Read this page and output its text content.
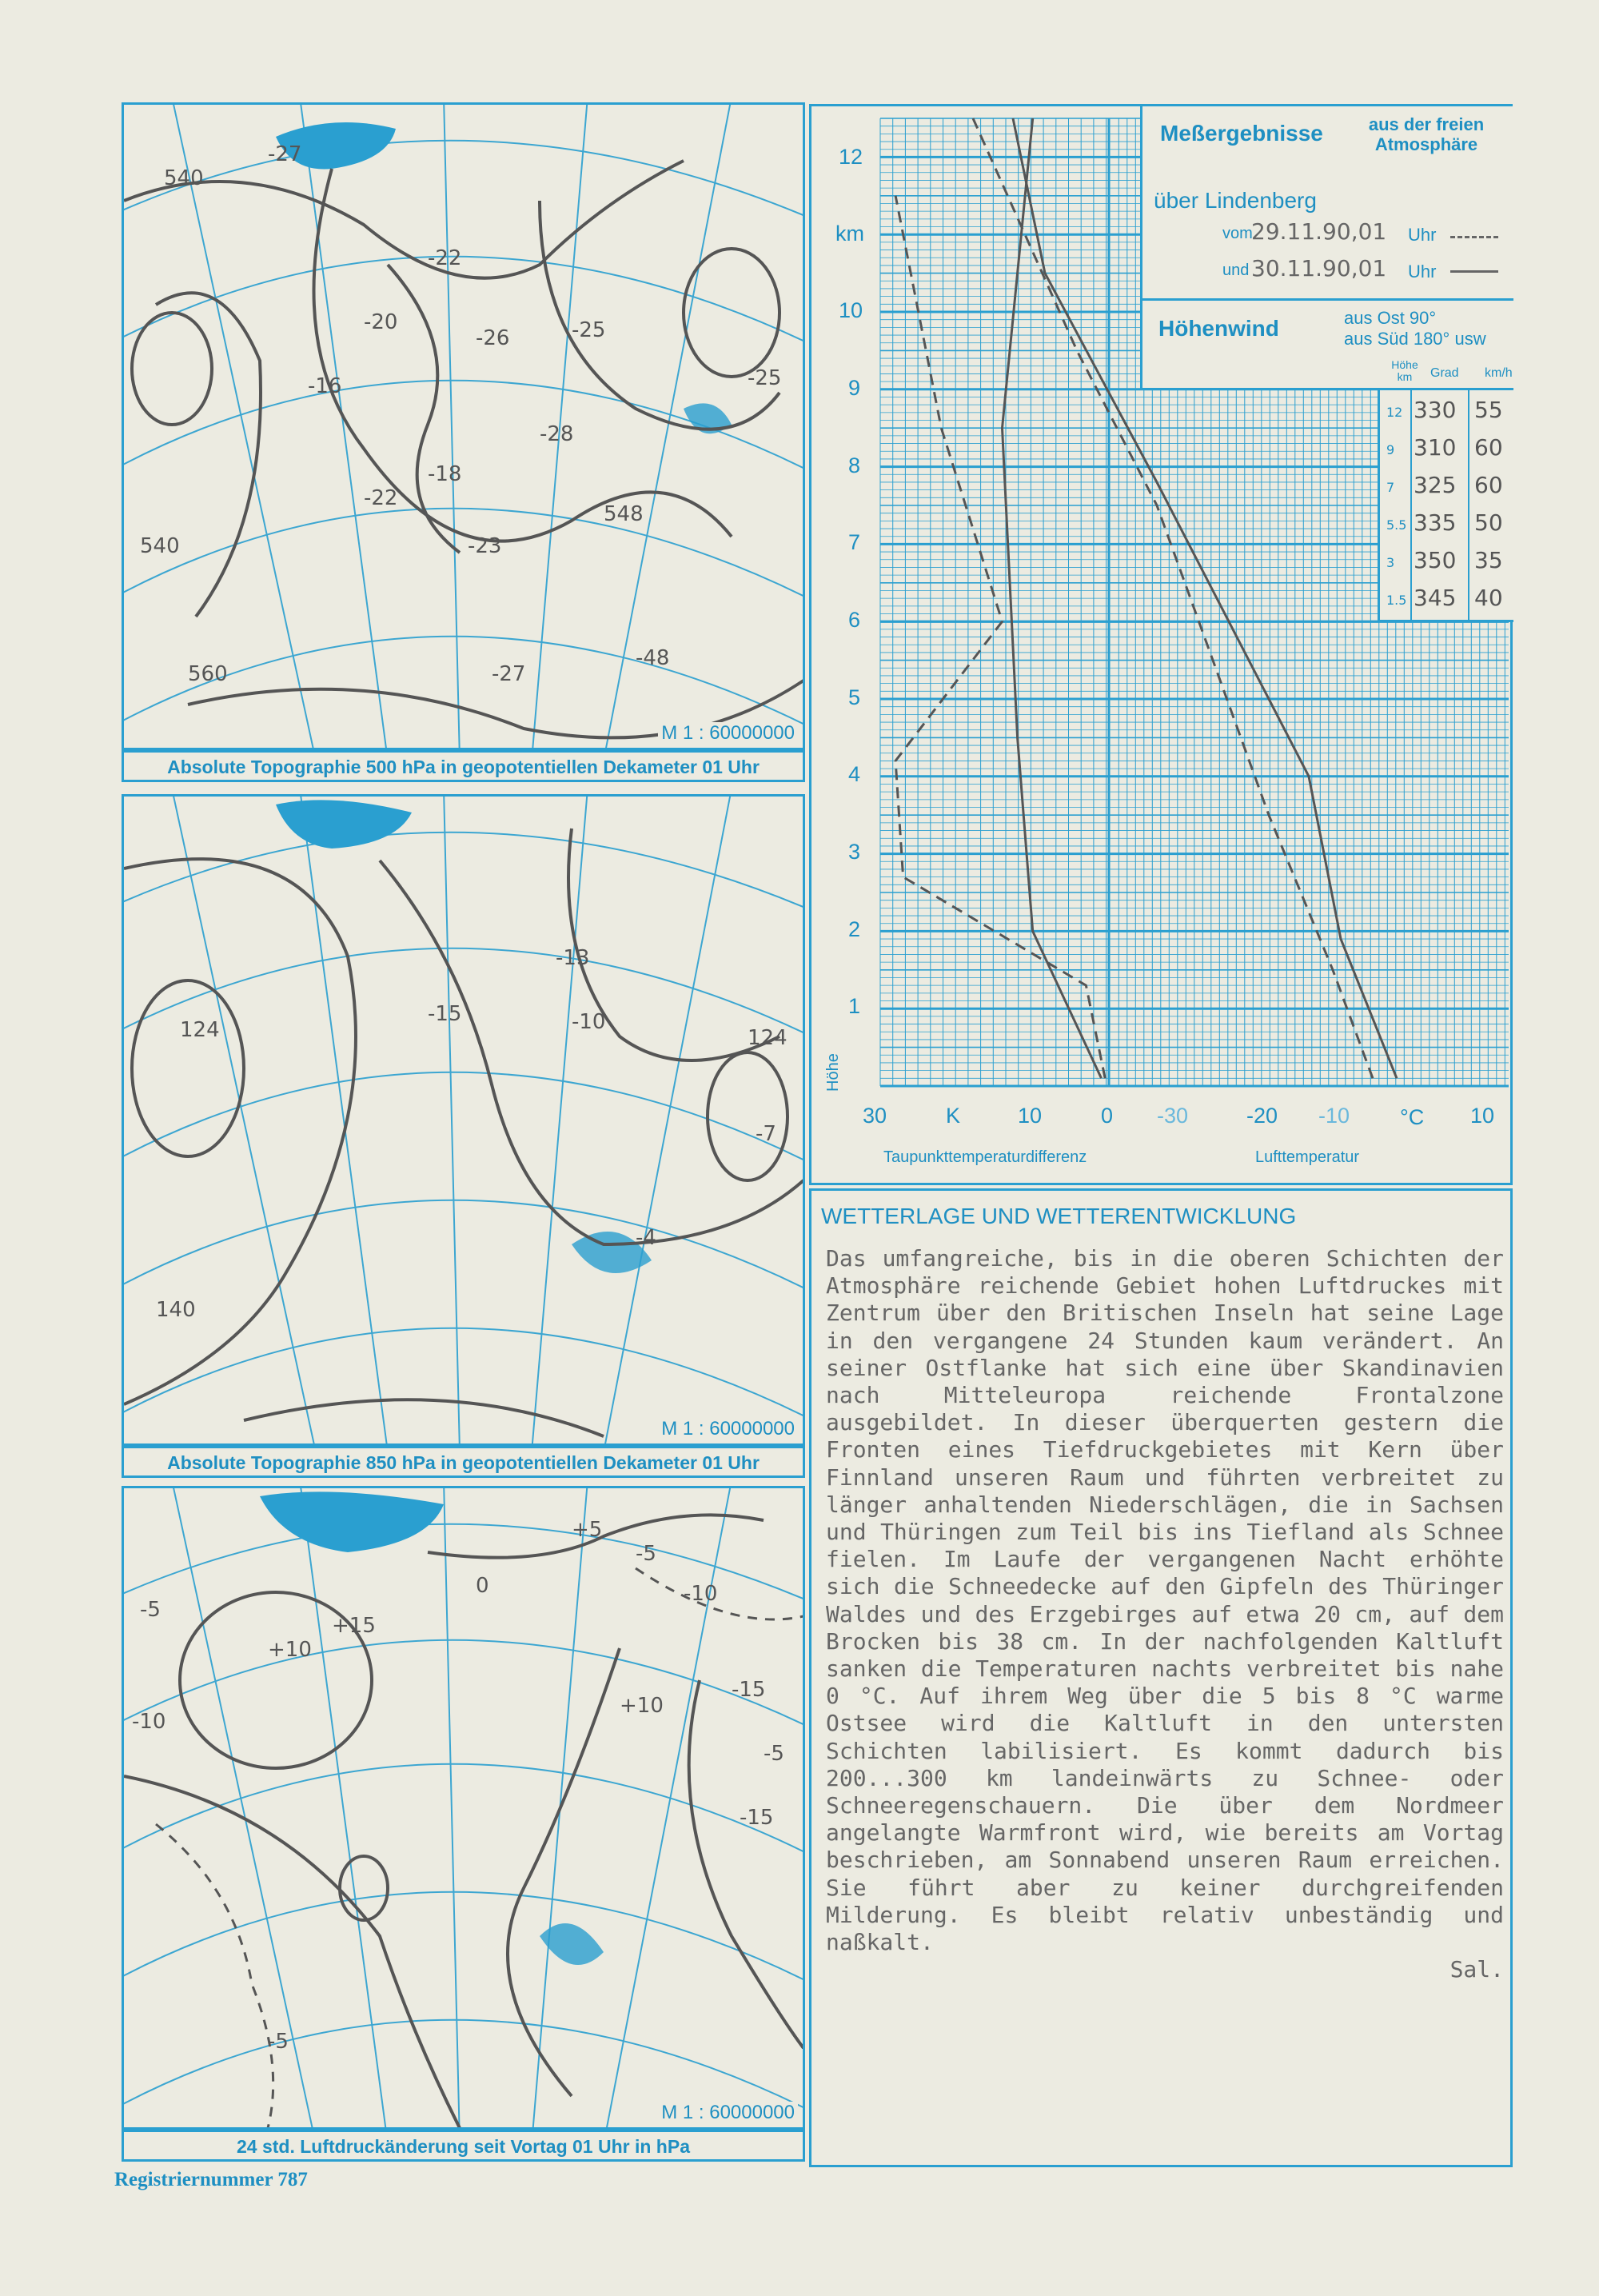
540
-27
-22
-20
-16
-26	-25
-28
-23
-18
-22
-27
560
540
548
-48
-25
M 1 : 60000000
Absolute Topographie 500 hPa in geopotentiellen Dekameter 01 Uhr
124
140
-13
-10
-15
124
-7
-4
M 1 : 60000000
Absolute Topographie 850 hPa in geopotentiellen Dekameter 01 Uhr
+10
-5
+15
-10
0
+5
-5
-10
-15
-5
-15
+10
-5
M 1 : 60000000
24 std. Luftdruckänderung seit Vortag 01 Uhr in hPa
Meßergebnisse	aus der freien Atmosphäre
über Lindenberg
vom
29.11.90,01 Uhr
und 30.11.90,01 Uhr
Höhenwind	aus Ost 90°
aus Süd 180° usw
Höhe km	Grad km/h
12 330 55
9 310 60
7 325 60
5.5 335 50
3 350 35
1.5 345 40
12
km
10
9
8
7
6
5
4
3
2
1
Höhe
30	K	10	0 -30	-20 -10 °C 10
Taupunkttemperaturdifferenz	Lufttemperatur
WETTERLAGE UND WETTERENTWICKLUNG

Das umfangreiche, bis in die oberen Schichten der Atmosphäre reichende Gebiet hohen Luftdruckes mit Zentrum über den Britischen Inseln hat seine Lage in den vergangene 24 Stunden kaum verändert. An seiner Ostflanke hat sich eine über Skandinavien nach Mitteleuropa reichende Frontalzone ausgebildet. In dieser überquerten gestern die Fronten eines Tiefdruckgebietes mit Kern über Finnland unseren Raum und führten verbreitet zu länger anhaltenden Niederschlägen, die in Sachsen und Thüringen zum Teil bis ins Tiefland als Schnee fielen. Im Laufe der vergangenen Nacht erhöhte sich die Schneedecke auf den Gipfeln des Thüringer Waldes und des Erzgebirges auf etwa 20 cm, auf dem Brocken bis 38 cm. In der nachfolgenden Kaltluft sanken die Temperaturen nachts verbreitet bis nahe 0 °C. Auf ihrem Weg über die 5 bis 8 °C warme Ostsee wird die Kaltluft in den untersten Schichten labilisiert. Es kommt dadurch bis 200...300 km landeinwärts zu Schnee- oder Schneeregenschauern. Die über dem Nordmeer angelangte Warmfront wird, wie bereits am Vortag beschrieben, am Sonnabend unseren Raum erreichen. Sie führt aber zu keiner durchgreifenden Milderung. Es bleibt relativ unbeständig und naßkalt.

Sal.

Registriernummer 787
